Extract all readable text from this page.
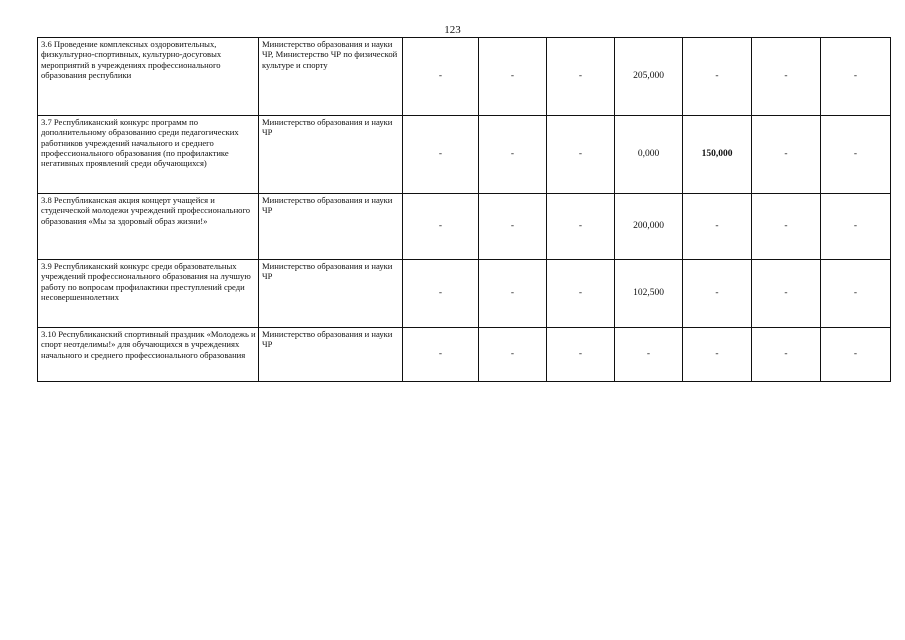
123
3.6 Проведение комплексных оздоровительных, физкультурно-спортивных, культурно-досуговых мероприятий в учреждениях профессионального образования республики	Министерство образования и науки ЧР, Министерство ЧР по физической культуре и спорту	-	-	-	205,000	-	-	-
3.7 Республиканский конкурс программ по дополнительному образованию среди педагогических работников учреждений начального и среднего профессионального образования (по профилактике негативных проявлений среди обучающихся)	Министерство образования и науки ЧР	-	-	-	0,000	150,000	-	-
3.8 Республиканская акция концерт учащейся и студенческой молодежи учреждений профессионального образования «Мы за здоровый образ жизни!»	Министерство образования и науки ЧР	-	-	-	200,000	-	-	-
3.9 Республиканский конкурс среди образовательных учреждений профессионального образования на лучшую работу по вопросам профилактики преступлений среди несовершеннолетних	Министерство образования и науки ЧР	-	-	-	102,500	-	-	-
3.10 Республиканский спортивный праздник «Молодежь и спорт неотделимы!» для обучающихся в учреждениях начального и среднего профессионального образования	Министерство образования и науки ЧР	-	-	-	-	-	-	-
